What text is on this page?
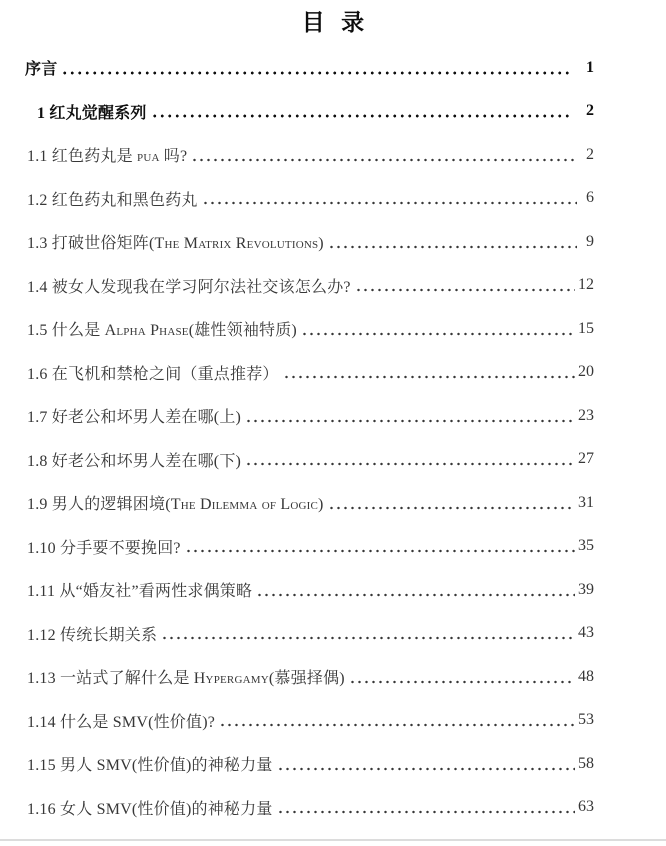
目 录
序言	1
1 红丸觉醒系列	2
1.1 红色药丸是 pua 吗?	2
1.2 红色药丸和黑色药丸	6
1.3 打破世俗矩阵(The Matrix Revolutions)	9
1.4 被女人发现我在学习阿尔法社交该怎么办?	12
1.5 什么是 Alpha Phase(雄性领袖特质)	15
1.6 在飞机和禁枪之间（重点推荐）	20
1.7 好老公和坏男人差在哪(上)	23
1.8 好老公和坏男人差在哪(下)	27
1.9 男人的逻辑困境(The Dilemma of Logic)	31
1.10 分手要不要挽回?	35
1.11 从“婚友社”看两性求偶策略	39
1.12 传统长期关系	43
1.13 一站式了解什么是 Hypergamy(慕强择偶)	48
1.14 什么是 SMV(性价值)?	53
1.15 男人 SMV(性价值)的神秘力量	58
1.16 女人 SMV(性价值)的神秘力量	63
